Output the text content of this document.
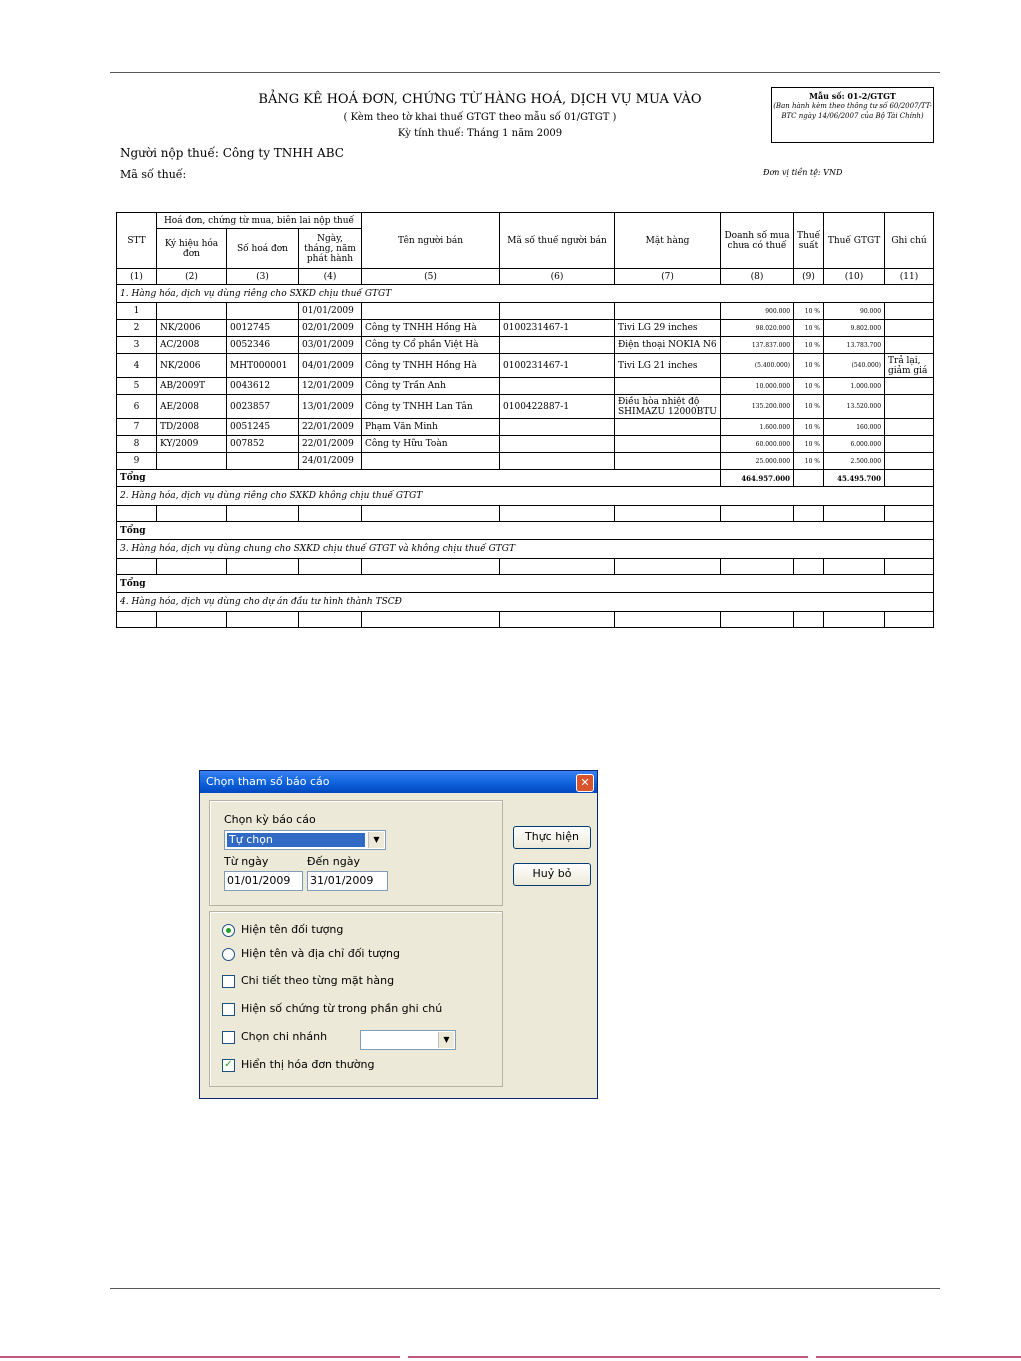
Mẫu số: 01-2/GTGT
(Ban hành kèm theo thông tư số 60/2007/TT-BTC ngày 14/06/2007 của Bộ Tài Chính)
BẢNG KÊ HOÁ ĐƠN, CHỨNG TỪ HÀNG HOÁ, DỊCH VỤ MUA VÀO
( Kèm theo tờ khai thuế GTGT theo mẫu số 01/GTGT )
Kỳ tính thuế: Tháng 1 năm 2009
Người nộp thuế: Công ty TNHH ABC
Mã số thuế:	Đơn vị tiền tệ: VND
STT	Hoá đơn, chứng từ mua, biên lai nộp thuế			Tên người bán	Mã số thuế người bán	Mặt hàng	Doanh số mua chưa có thuế	Thuế suất	Thuế GTGT	Ghi chú
	Ký hiệu hóa đơn	Số hoá đơn	Ngày, tháng, năm phát hành							
(1)	(2)	(3)	(4)	(5)	(6)	(7)	(8)	(9)	(10)	(11)
1. Hàng hóa, dịch vụ dùng riêng cho SXKD chịu thuế GTGT										
1			01/01/2009				900.000	10 %	90.000	
2	NK/2006	0012745	02/01/2009	Công ty TNHH Hồng Hà	0100231467-1	Tivi LG 29 inches	98.020.000	10 %	9.802.000	
3	AC/2008	0052346	03/01/2009	Công ty Cổ phần Việt Hà		Điện thoại NOKIA N6	137.837.000	10 %	13.783.700	
4	NK/2006	MHT000001	04/01/2009	Công ty TNHH Hồng Hà	0100231467-1	Tivi LG 21 inches	(5.400.000)	10 %	(540.000)	Trả lại, giảm giá
5	AB/2009T	0043612	12/01/2009	Công ty Trần Anh			10.000.000	10 %	1.000.000	
6	AE/2008	0023857	13/01/2009	Công ty TNHH Lan Tân	0100422887-1	Điều hòa nhiệt độ SHIMAZU 12000BTU	135.200.000	10 %	13.520.000	
7	TD/2008	0051245	22/01/2009	Phạm Văn Minh			1.600.000	10 %	160.000	
8	KY/2009	007852	22/01/2009	Công ty Hữu Toàn			60.000.000	10 %	6.000.000	
9			24/01/2009				25.000.000	10 %	2.500.000	
Tổng							464.957.000		45.495.700	
2. Hàng hóa, dịch vụ dùng riêng cho SXKD không chịu thuế GTGT										

Tổng										
3. Hàng hóa, dịch vụ dùng chung cho SXKD chịu thuế GTGT và không chịu thuế GTGT										

Tổng										
4. Hàng hóa, dịch vụ dùng cho dự án đầu tư hình thành TSCĐ										

Chọn tham số báo cáo	✕
Chọn kỳ báo cáo
Tự chọn	▼
Từ ngày	Đến ngày
01/01/2009	31/01/2009
Thực hiện
Huỷ bỏ
Hiện tên đối tượng
Hiện tên và địa chỉ đối tượng
Chi tiết theo từng mặt hàng
Hiện số chứng từ trong phần ghi chú
Chọn chi nhánh	▼
✓ Hiển thị hóa đơn thường
